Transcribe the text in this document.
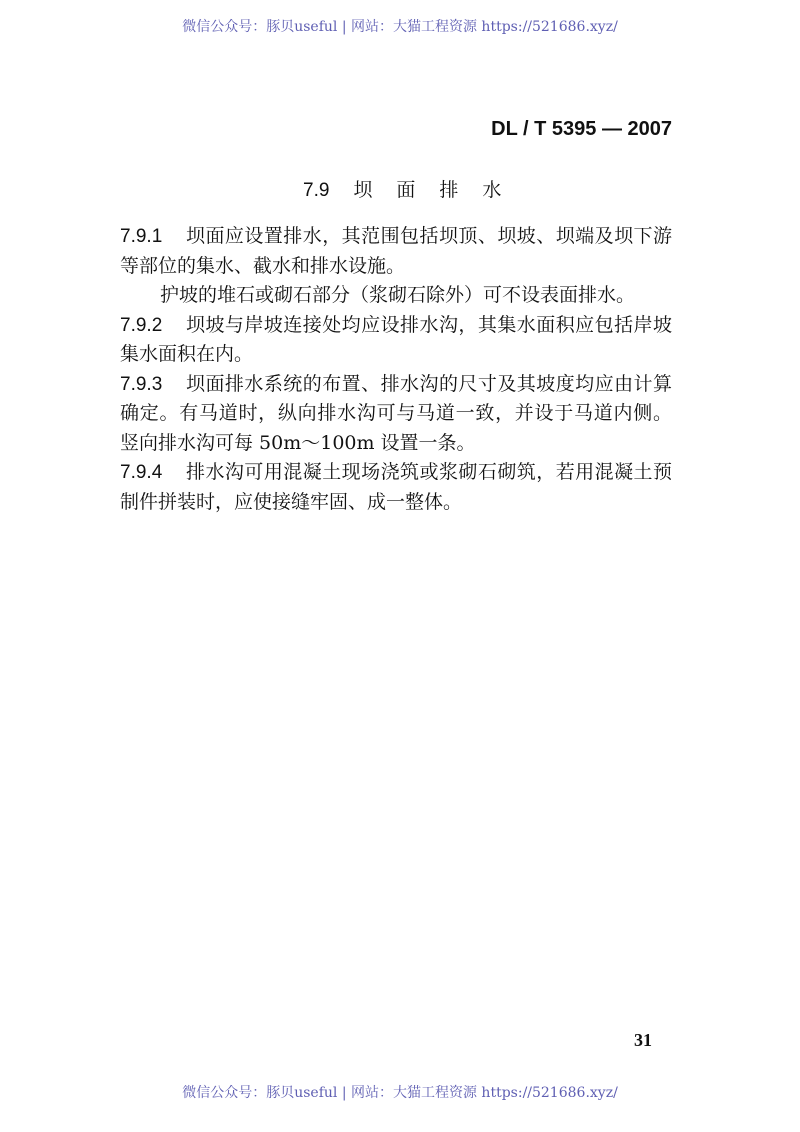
微信公众号：豚贝useful | 网站：大猫工程资源 https://521686.xyz/
DL / T 5395 — 2007
7.9 坝面排水
7.9.1	坝面应设置排水，其范围包括坝顶、坝坡、坝端及坝下游
等部位的集水、截水和排水设施。
护坡的堆石或砌石部分（浆砌石除外）可不设表面排水。
7.9.2	坝坡与岸坡连接处均应设排水沟，其集水面积应包括岸坡
集水面积在内。
7.9.3	坝面排水系统的布置、排水沟的尺寸及其坡度均应由计算
确定。有马道时，纵向排水沟可与马道一致，并设于马道内侧。
竖向排水沟可每 50m～100m 设置一条。
7.9.4	排水沟可用混凝土现场浇筑或浆砌石砌筑，若用混凝土预
制件拼装时，应使接缝牢固、成一整体。
31
微信公众号：豚贝useful | 网站：大猫工程资源 https://521686.xyz/
